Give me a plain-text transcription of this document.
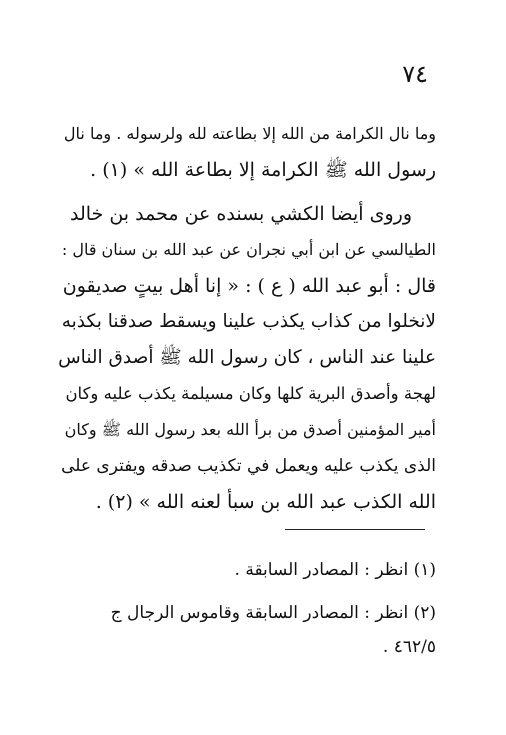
٧٤
وما نال الكرامة من الله إلا بطاعته لله ولرسوله . وما نال
رسول الله ﷺ الكرامة إلا بطاعة الله » (١) .
وروى أيضا الكشي بسنده عن محمد بن خالد
الطيالسي عن ابن أبي نجران عن عبد الله بن سنان قال :
قال : أبو عبد الله ( ع ) : « إنا أهل بيتٍ صديقون
لانخلوا من كذاب يكذب علينا ويسقط صدقنا بكذبه
علينا عند الناس ، كان رسول الله ﷺ أصدق الناس
لهجة وأصدق البرية كلها وكان مسيلمة يكذب عليه وكان
أمير المؤمنين أصدق من برأ الله بعد رسول الله ﷺ وكان
الذى يكذب عليه ويعمل في تكذيب صدقه ويفترى على
الله الكذب عبد الله بن سبأ لعنه الله » (٢) .
(١) انظر : المصادر السابقة .
(٢) انظر : المصادر السابقة وقاموس الرجال ج
٤٦٢/٥ .
